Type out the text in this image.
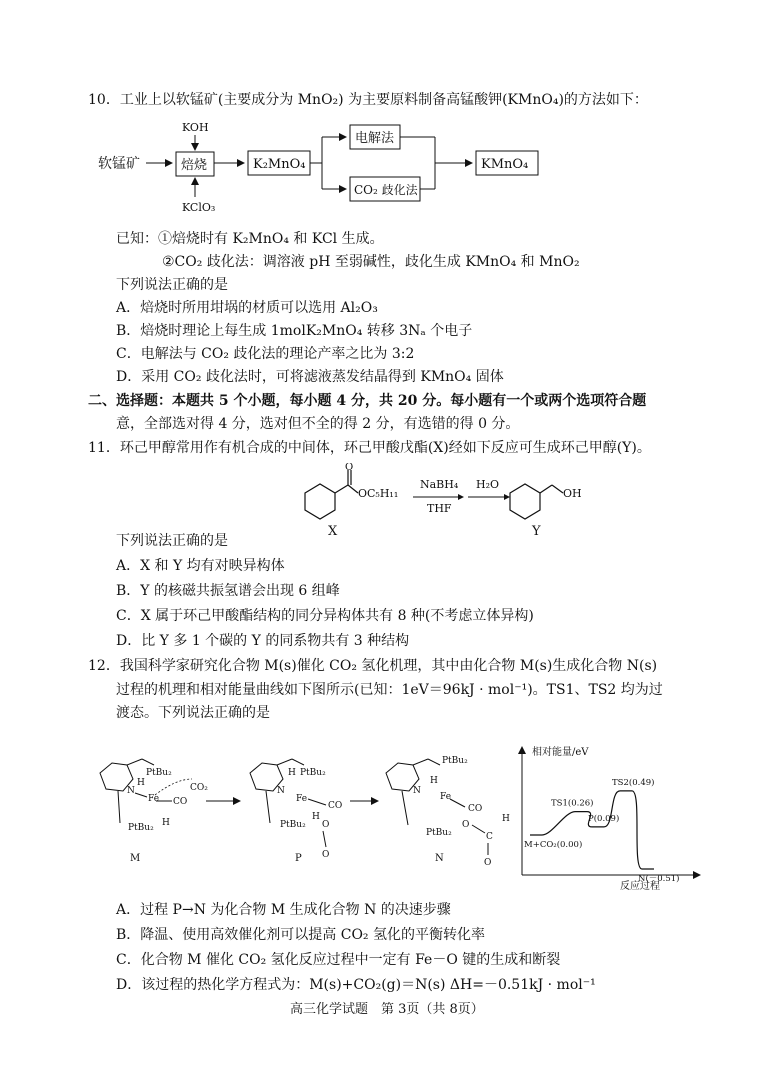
10．工业上以软锰矿(主要成分为 MnO₂) 为主要原料制备高锰酸钾(KMnO₄)的方法如下：
软锰矿	焙烧
KOH
KClO₃
K₂MnO₄
电解法
CO₂ 歧化法
KMnO₄
已知：①焙烧时有 K₂MnO₄ 和 KCl 生成。
②CO₂ 歧化法：调溶液 pH 至弱碱性，歧化生成 KMnO₄ 和 MnO₂
下列说法正确的是
A．焙烧时所用坩埚的材质可以选用 Al₂O₃
B．焙烧时理论上每生成 1molK₂MnO₄ 转移 3Nₐ 个电子
C．电解法与 CO₂ 歧化法的理论产率之比为 3:2
D．采用 CO₂ 歧化法时，可将滤液蒸发结晶得到 KMnO₄ 固体
二、选择题：本题共 5 个小题，每小题 4 分，共 20 分。每小题有一个或两个选项符合题
意，全部选对得 4 分，选对但不全的得 2 分，有选错的得 0 分。
11．环己甲醇常用作有机合成的中间体，环己甲酸戊酯(X)经如下反应可生成环己甲醇(Y)。
O
OC₅H₁₁
X
NaBH₄
THF
H₂O
OH
Y
下列说法正确的是
A．X 和 Y 均有对映异构体
B．Y 的核磁共振氢谱会出现 6 组峰
C．X 属于环己甲酸酯结构的同分异构体共有 8 种(不考虑立体异构)
D．比 Y 多 1 个碳的 Y 的同系物共有 3 种结构
12．我国科学家研究化合物 M(s)催化 CO₂ 氢化机理，其中由化合物 M(s)生成化合物 N(s)
过程的机理和相对能量曲线如下图所示(已知：1eV＝96kJ · mol⁻¹)。TS1、TS2 均为过
渡态。下列说法正确的是
N
PtBu₂
H
Fe CO
CO₂
PtBu₂ H
M
N
H PtBu₂
Fe
CO
H
O
O
PtBu₂
P
N
PtBu₂
H
Fe
CO
O
C
H
O
PtBu₂
N
相对能量/eV
反应过程
M+CO₂(0.00)
TS1(0.26)
P(0.09)
TS2(0.49)
N(－0.51)
A．过程 P→N 为化合物 M 生成化合物 N 的决速步骤
B．降温、使用高效催化剂可以提高 CO₂ 氢化的平衡转化率
C．化合物 M 催化 CO₂ 氢化反应过程中一定有 Fe－O 键的生成和断裂
D．该过程的热化学方程式为：M(s)+CO₂(g)＝N(s) ΔH=－0.51kJ · mol⁻¹
高三化学试题　第 3页（共 8页）
